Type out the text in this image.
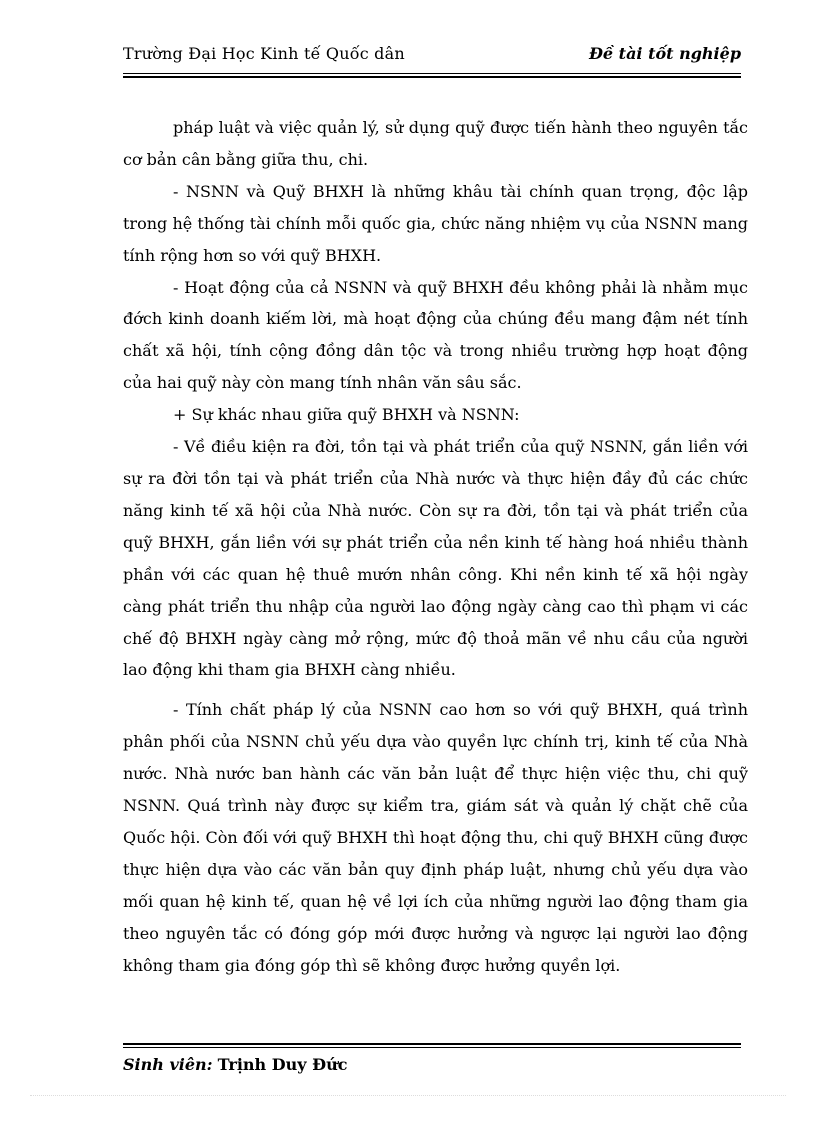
Trường Đại Học Kinh tế Quốc dân	Đề tài tốt nghiệp

pháp luật và việc quản lý, sử dụng quỹ được tiến hành theo nguyên tắc cơ bản cân bằng giữa thu, chi.

- NSNN và Quỹ BHXH là những khâu tài chính quan trọng, độc lập trong hệ thống tài chính mỗi quốc gia, chức năng nhiệm vụ của NSNN mang tính rộng hơn so với quỹ BHXH.

- Hoạt động của cả NSNN và quỹ BHXH đều không phải là nhằm mục đớch kinh doanh kiếm lời, mà hoạt động của chúng đều mang đậm nét tính chất xã hội, tính cộng đồng dân tộc và trong nhiều trường hợp hoạt động của hai quỹ này còn mang tính nhân văn sâu sắc.

+ Sự khác nhau giữa quỹ BHXH và NSNN:

- Về điều kiện ra đời, tồn tại và phát triển của quỹ NSNN, gắn liền với sự ra đời tồn tại và phát triển của Nhà nước và thực hiện đầy đủ các chức năng kinh tế xã hội của Nhà nước. Còn sự ra đời, tồn tại và phát triển của quỹ BHXH, gắn liền với sự phát triển của nền kinh tế hàng hoá nhiều thành phần với các quan hệ thuê mướn nhân công. Khi nền kinh tế xã hội ngày càng phát triển thu nhập của người lao động ngày càng cao thì phạm vi các chế độ BHXH ngày càng mở rộng, mức độ thoả mãn về nhu cầu của người lao động khi tham gia BHXH càng nhiều.

- Tính chất pháp lý của NSNN cao hơn so với quỹ BHXH, quá trình phân phối của NSNN chủ yếu dựa vào quyền lực chính trị, kinh tế của Nhà nước. Nhà nước ban hành các văn bản luật để thực hiện việc thu, chi quỹ NSNN. Quá trình này được sự kiểm tra, giám sát và quản lý chặt chẽ của Quốc hội. Còn đối với quỹ BHXH thì hoạt động thu, chi quỹ BHXH cũng được thực hiện dựa vào các văn bản quy định pháp luật, nhưng chủ yếu dựa vào mối quan hệ kinh tế, quan hệ về lợi ích của những người lao động tham gia theo nguyên tắc có đóng góp mới được hưởng và ngược lại người lao động không tham gia đóng góp thì sẽ không được hưởng quyền lợi.

Sinh viên: Trịnh Duy Đức
